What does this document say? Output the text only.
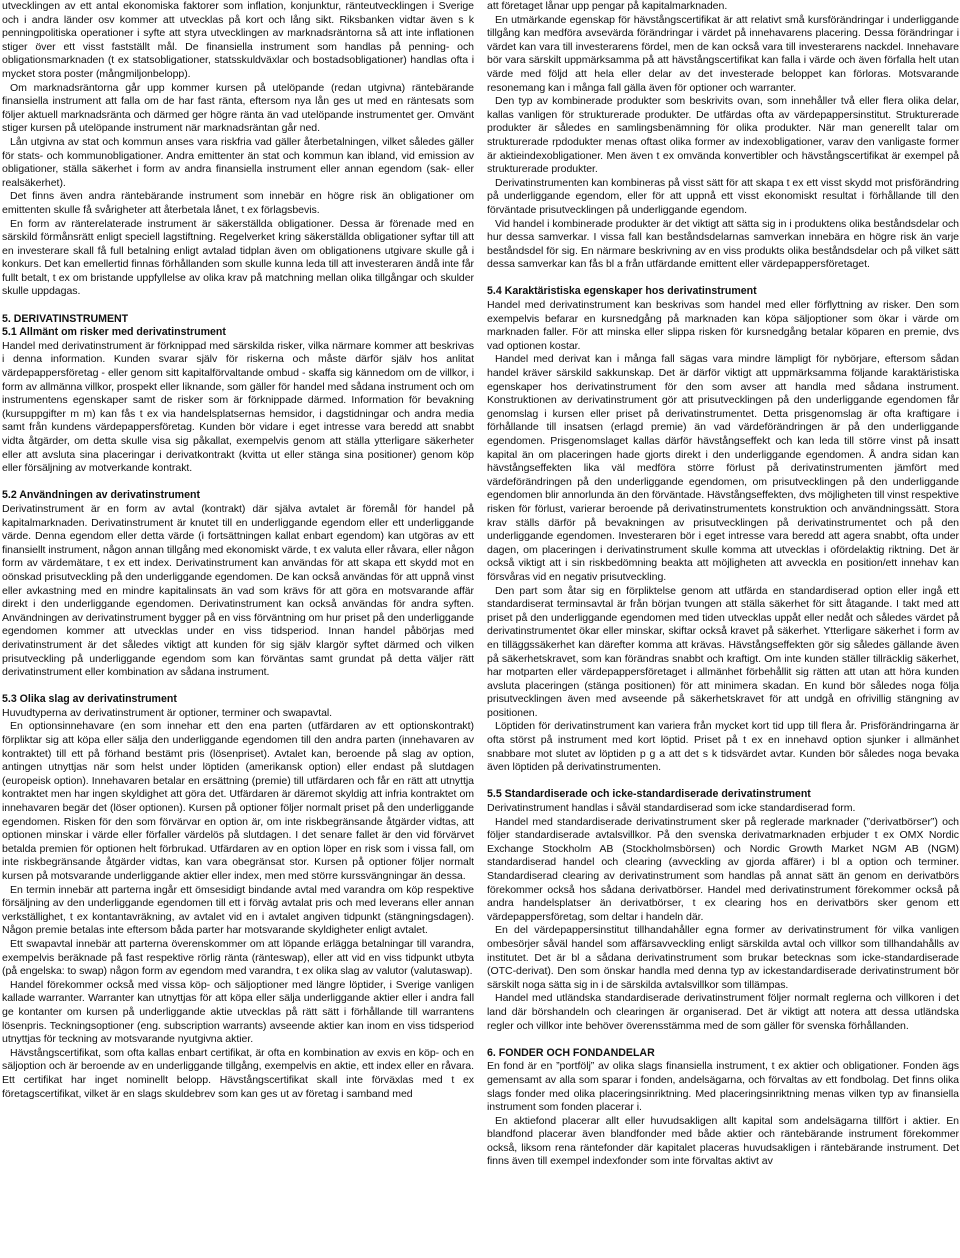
utvecklingen av ett antal ekonomiska faktorer som inflation, konjunktur, ränteutvecklingen i Sverige och i andra länder osv kommer att utvecklas på kort och lång sikt. Riksbanken vidtar även s k penningpolitiska operationer i syfte att styra utvecklingen av marknadsräntorna så att inte inflationen stiger över ett visst fastställt mål. De finansiella instrument som handlas på penning- och obligationsmarknaden (t ex statsobligationer, statsskuldväxlar och bostadsobligationer) handlas ofta i mycket stora poster (mångmiljonbelopp).

Om marknadsräntorna går upp kommer kursen på utelöpande (redan utgivna) räntebärande finansiella instrument att falla om de har fast ränta, eftersom nya lån ges ut med en räntesats som följer aktuell marknadsränta och därmed ger högre ränta än vad utelöpande instrumentet ger. Omvänt stiger kursen på utelöpande instrument när marknadsräntan går ned.

Lån utgivna av stat och kommun anses vara riskfria vad gäller återbetalningen, vilket således gäller för stats- och kommunobligationer. Andra emittenter än stat och kommun kan ibland, vid emission av obligationer, ställa säkerhet i form av andra finansiella instrument eller annan egendom (sak- eller realsäkerhet).

Det finns även andra räntebärande instrument som innebär en högre risk än obligationer om emittenten skulle få svårigheter att återbetala lånet, t ex förlagsbevis.

En form av ränterelaterade instrument är säkerställda obligationer. Dessa är förenade med en särskild förmånsrätt enligt speciell lagstiftning. Regelverket kring säkerställda obligationer syftar till att en investerare skall få full betalning enligt avtalad tidplan även om obligationens utgivare skulle gå i konkurs. Det kan emellertid finnas förhållanden som skulle kunna leda till att investeraren ändå inte får fullt betalt, t ex om bristande uppfyllelse av olika krav på matchning mellan olika tillgångar och skulder skulle uppdagas.

5. DERIVATINSTRUMENT
5.1 Allmänt om risker med derivatinstrument

Handel med derivatinstrument är förknippad med särskilda risker, vilka närmare kommer att beskrivas i denna information. Kunden svarar själv för riskerna och måste därför själv hos anlitat värdepappersföretag - eller genom sitt kapitalförvaltande ombud - skaffa sig kännedom om de villkor, i form av allmänna villkor, prospekt eller liknande, som gäller för handel med sådana instrument och om instrumentens egenskaper samt de risker som är förknippade därmed. Information för bevakning (kursuppgifter m m) kan fås t ex via handelsplatsernas hemsidor, i dagstidningar och andra media samt från kundens värdepappersföretag. Kunden bör vidare i eget intresse vara beredd att snabbt vidta åtgärder, om detta skulle visa sig påkallat, exempelvis genom att ställa ytterligare säkerheter eller att avsluta sina placeringar i derivatkontrakt (kvitta ut eller stänga sina positioner) genom köp eller försäljning av motverkande kontrakt.

5.2 Användningen av derivatinstrument

Derivatinstrument är en form av avtal (kontrakt) där själva avtalet är föremål för handel på kapitalmarknaden. Derivatinstrument är knutet till en underliggande egendom eller ett underliggande värde. Denna egendom eller detta värde (i fortsättningen kallat enbart egendom) kan utgöras av ett finansiellt instrument, någon annan tillgång med ekonomiskt värde, t ex valuta eller råvara, eller någon form av värdemätare, t ex ett index. Derivatinstrument kan användas för att skapa ett skydd mot en oönskad prisutveckling på den underliggande egendomen. De kan också användas för att uppnå vinst eller avkastning med en mindre kapitalinsats än vad som krävs för att göra en motsvarande affär direkt i den underliggande egendomen. Derivatinstrument kan också användas för andra syften. Användningen av derivatinstrument bygger på en viss förväntning om hur priset på den underliggande egendomen kommer att utvecklas under en viss tidsperiod. Innan handel påbörjas med derivatinstrument är det således viktigt att kunden för sig själv klargör syftet därmed och vilken prisutveckling på underliggande egendom som kan förväntas samt grundat på detta väljer rätt derivatinstrument eller kombination av sådana instrument.

5.3 Olika slag av derivatinstrument

Huvudtyperna av derivatinstrument är optioner, terminer och swapavtal.

En optionsinnehavare (en som innehar ett den ena parten (utfärdaren av ett optionskontrakt) förpliktar sig att köpa eller sälja den underliggande egendomen till den andra parten (innehavaren av kontraktet) till ett på förhand bestämt pris (lösenpriset). Avtalet kan, beroende på slag av option, antingen utnyttjas när som helst under löptiden (amerikansk option) eller endast på slutdagen (europeisk option). Innehavaren betalar en ersättning (premie) till utfärdaren och får en rätt att utnyttja kontraktet men har ingen skyldighet att göra det. Utfärdaren är däremot skyldig att infria kontraktet om innehavaren begär det (löser optionen). Kursen på optioner följer normalt priset på den underliggande egendomen. Risken för den som förvärvar en option är, om inte riskbegränsande åtgärder vidtas, att optionen minskar i värde eller förfaller värdelös på slutdagen. I det senare fallet är den vid förvärvet betalda premien för optionen helt förbrukad. Utfärdaren av en option löper en risk som i vissa fall, om inte riskbegränsande åtgärder vidtas, kan vara obegränsat stor. Kursen på optioner följer normalt kursen på motsvarande underliggande aktier eller index, men med större kurssvängningar än dessa.

En termin innebär att parterna ingår ett ömsesidigt bindande avtal med varandra om köp respektive försäljning av den underliggande egendomen till ett i förväg avtalat pris och med leverans eller annan verkställighet, t ex kontantavräkning, av avtalet vid en i avtalet angiven tidpunkt (stängningsdagen). Någon premie betalas inte eftersom båda parter har motsvarande skyldigheter enligt avtalet.

Ett swapavtal innebär att parterna överenskommer om att löpande erlägga betalningar till varandra, exempelvis beräknade på fast respektive rörlig ränta (ränteswap), eller att vid en viss tidpunkt utbyta (på engelska: to swap) någon form av egendom med varandra, t ex olika slag av valutor (valutaswap).

Handel förekommer också med vissa köp- och säljoptioner med längre löptider, i Sverige vanligen kallade warranter. Warranter kan utnyttjas för att köpa eller sälja underliggande aktier eller i andra fall ge kontanter om kursen på underliggande aktie utvecklas på rätt sätt i förhållande till warrantens lösenpris. Teckningsoptioner (eng. subscription warrants) avseende aktier kan inom en viss tidsperiod utnyttjas för teckning av motsvarande nyutgivna aktier.

Hävstångscertifikat, som ofta kallas enbart certifikat, är ofta en kombination av exvis en köp- och en säljoption och är beroende av en underliggande tillgång, exempelvis en aktie, ett index eller en råvara. Ett certifikat har inget nominellt belopp. Hävstångscertifikat skall inte förväxlas med t ex företagscertifikat, vilket är en slags skuldebrev som kan ges ut av företag i samband med

att företaget lånar upp pengar på kapitalmarknaden.

En utmärkande egenskap för hävstångscertifikat är att relativt små kursförändringar i underliggande tillgång kan medföra avsevärda förändringar i värdet på innehavarens placering. Dessa förändringar i värdet kan vara till investerarens fördel, men de kan också vara till investerarens nackdel. Innehavare bör vara särskilt uppmärksamma på att hävstångscertifikat kan falla i värde och även förfalla helt utan värde med följd att hela eller delar av det investerade beloppet kan förloras. Motsvarande resonemang kan i många fall gälla även för optioner och warranter.

Den typ av kombinerade produkter som beskrivits ovan, som innehåller två eller flera olika delar, kallas vanligen för strukturerade produkter. De utfärdas ofta av värdepappersinstitut. Strukturerade produkter är således en samlingsbenämning för olika produkter. När man generellt talar om strukturerade rpdodukter menas oftast olika former av indexobligationer, varav den vanligaste former är aktieindexobligationer. Men även t ex omvända konvertibler och hävstångscertifikat är exempel på strukturerade produkter.

Derivatinstrumenten kan kombineras på visst sätt för att skapa t ex ett visst skydd mot prisförändring på underliggande egendom, eller för att uppnå ett visst ekonomiskt resultat i förhållande till den förväntade prisutvecklingen på underliggande egendom.

Vid handel i kombinerade produkter är det viktigt att sätta sig in i produktens olika beståndsdelar och hur dessa samverkar. I vissa fall kan beståndsdelarnas samverkan innebära en högre risk än varje beståndsdel för sig. En närmare beskrivning av en viss produkts olika beståndsdelar och på vilket sätt dessa samverkar kan fås bl a från utfärdande emittent eller värdepappersföretaget.

5.4 Karaktäristiska egenskaper hos derivatinstrument

Handel med derivatinstrument kan beskrivas som handel med eller förflyttning av risker. Den som exempelvis befarar en kursnedgång på marknaden kan köpa säljoptioner som ökar i värde om marknaden faller. För att minska eller slippa risken för kursnedgång betalar köparen en premie, dvs vad optionen kostar.

Handel med derivat kan i många fall sägas vara mindre lämpligt för nybörjare, eftersom sådan handel kräver särskild sakkunskap. Det är därför viktigt att uppmärksamma följande karaktäristiska egenskaper hos derivatinstrument för den som avser att handla med sådana instrument. Konstruktionen av derivatinstrument gör att prisutvecklingen på den underliggande egendomen får genomslag i kursen eller priset på derivatinstrumentet. Detta prisgenomslag är ofta kraftigare i förhållande till insatsen (erlagd premie) än vad värdeförändringen är på den underliggande egendomen. Prisgenomslaget kallas därför hävstångseffekt och kan leda till större vinst på insatt kapital än om placeringen hade gjorts direkt i den underliggande egendomen. Å andra sidan kan hävstångseffekten lika väl medföra större förlust på derivatinstrumenten jämfört med värdeförändringen på den underliggande egendomen, om prisutvecklingen på den underliggande egendomen blir annorlunda än den förväntade. Hävstångseffekten, dvs möjligheten till vinst respektive risken för förlust, varierar beroende på derivatinstrumentets konstruktion och användningssätt. Stora krav ställs därför på bevakningen av prisutvecklingen på derivatinstrumentet och på den underliggande egendomen. Investeraren bör i eget intresse vara beredd att agera snabbt, ofta under dagen, om placeringen i derivatinstrument skulle komma att utvecklas i ofördelaktig riktning. Det är också viktigt att i sin riskbedömning beakta att möjligheten att avveckla en position/ett innehav kan försvåras vid en negativ prisutveckling.

Den part som åtar sig en förpliktelse genom att utfärda en standardiserad option eller ingå ett standardiserat terminsavtal är från början tvungen att ställa säkerhet för sitt åtagande. I takt med att priset på den underliggande egendomen med tiden utvecklas uppåt eller nedåt och således värdet på derivatinstrumentet ökar eller minskar, skiftar också kravet på säkerhet. Ytterligare säkerhet i form av en tilläggssäkerhet kan därefter komma att krävas. Hävstångseffekten gör sig således gällande även på säkerhetskravet, som kan förändras snabbt och kraftigt. Om inte kunden ställer tillräcklig säkerhet, har motparten eller värdepappersföretaget i allmänhet förbehållit sig rätten att utan att höra kunden avsluta placeringen (stänga positionen) för att minimera skadan. En kund bör således noga följa prisutvecklingen även med avseende på säkerhetskravet för att undgå en ofrivillig stängning av positionen.

Löptiden för derivatinstrument kan variera från mycket kort tid upp till flera år. Prisförändringarna är ofta störst på instrument med kort löptid. Priset på t ex en innehavd option sjunker i allmänhet snabbare mot slutet av löptiden p g a att det s k tidsvärdet avtar. Kunden bör således noga bevaka även löptiden på derivatinstrumenten.

5.5 Standardiserade och icke-standardiserade derivatinstrument

Derivatinstrument handlas i såväl standardiserad som icke standardiserad form.

Handel med standardiserade derivatinstrument sker på reglerade marknader (”derivatbörser”) och följer standardiserade avtalsvillkor. På den svenska derivatmarknaden erbjuder t ex OMX Nordic Exchange Stockholm AB (Stockholmsbörsen) och Nordic Growth Market NGM AB (NGM) standardiserad handel och clearing (avveckling av gjorda affärer) i bl a option och terminer. Standardiserad clearing av derivatinstrument som handlas på annat sätt än genom en derivatbörs förekommer också hos sådana derivatbörser. Handel med derivatinstrument förekommer också på andra handelsplatser än derivatbörser, t ex clearing hos en derivatbörs sker genom ett värdepappersföretag, som deltar i handeln där.

En del värdepappersinstitut tillhandahåller egna former av derivatinstrument för vilka vanligen ombesörjer såväl handel som affärsavveckling enligt särskilda avtal och villkor som tillhandahålls av institutet. Det är bl a sådana derivatinstrument som brukar betecknas som icke-standardiserade (OTC-derivat). Den som önskar handla med denna typ av ickestandardiserade derivatinstrument bör särskilt noga sätta sig in i de särskilda avtalsvillkor som tillämpas.

Handel med utländska standardiserade derivatinstrument följer normalt reglerna och villkoren i det land där börshandeln och clearingen är organiserad. Det är viktigt att notera att dessa utländska regler och villkor inte behöver överensstämma med de som gäller för svenska förhållanden.

6. FONDER OCH FONDANDELAR

En fond är en ”portfölj” av olika slags finansiella instrument, t ex aktier och obligationer. Fonden ägs gemensamt av alla som sparar i fonden, andelsägarna, och förvaltas av ett fondbolag. Det finns olika slags fonder med olika placeringsinriktning. Med placeringsinriktning menas vilken typ av finansiella instrument som fonden placerar i.

En aktiefond placerar allt eller huvudsakligen allt kapital som andelsägarna tillfört i aktier. En blandfond placerar även blandfonder med både aktier och räntebärande instrument förekommer också, liksom rena räntefonder där kapitalet placeras huvudsakligen i räntebärande instrument. Det finns även till exempel indexfonder som inte förvaltas aktivt av
